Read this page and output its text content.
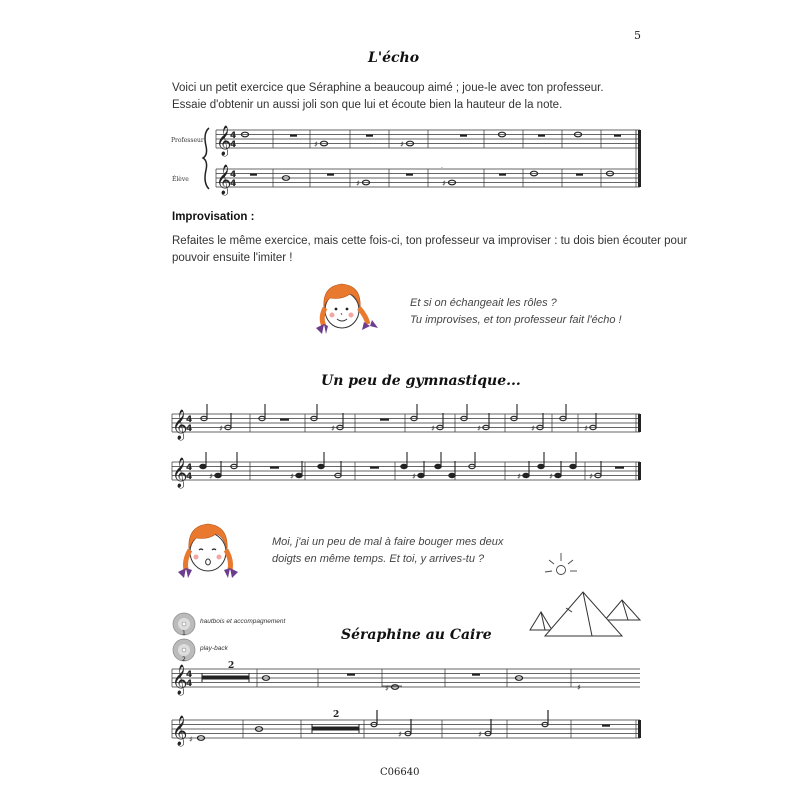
5
L'écho
Voici un petit exercice que Séraphine a beaucoup aimé ; joue-le avec ton professeur.
Essaie d'obtenir un aussi joli son que lui et écoute bien la hauteur de la note.
Professeur
Élève
Improvisation :
Refaites le même exercice, mais cette fois-ci, ton professeur va improviser : tu dois bien écouter pour
pouvoir ensuite l'imiter !
Et si on échangeait les rôles ?
Tu improvises, et ton professeur fait l'écho !
Un peu de gymnastique...
Moi, j'ai un peu de mal à faire bouger mes deux
doigts en même temps. Et toi, y arrives-tu ?
hautbois et accompagnement
play-back
Séraphine au Caire
C06640
𝄞
𝄞
4
4
4
4
♯	♯
♯	♯
·
𝄞
4
4	♯	♯	♯	♯	♯	♯
𝄞
4
4 ♯	♯	♯	♯	♯	♯
𝄞
4
4
2
♯	♯
𝄞
2
♯
♯	♯
1
2
